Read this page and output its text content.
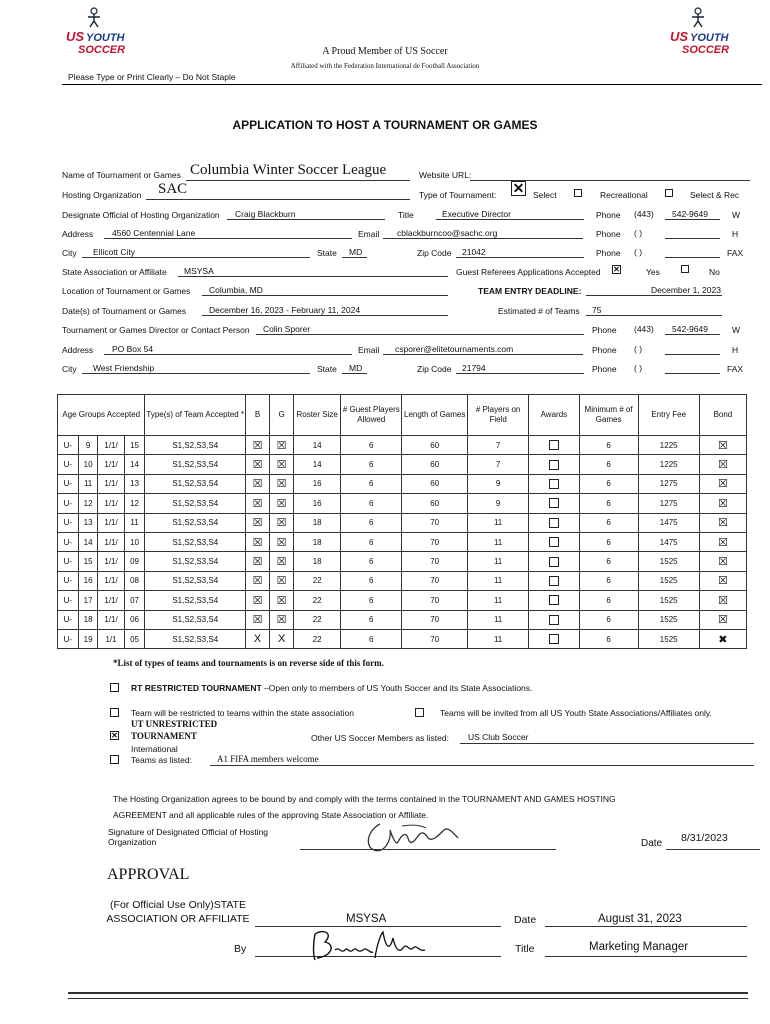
US YOUTH
SOCCER
US YOUTH
SOCCER
A Proud Member of US Soccer
Affiliated with the Federation International de Football Association
Please Type or Print Clearly – Do Not Staple
APPLICATION TO HOST A TOURNAMENT OR GAMES
Name of Tournament or Games Columbia Winter Soccer League	Website URL:
Hosting Organization SAC	Type of Tournament: ✕ Select	Recreational	Select & Rec
Designate Official of Hosting Organization Craig Blackburn	Title	Executive Director	Phone (443) 542-9649	W
Address 4560 Centennial Lane	Email cblackburncoo@sachc.org	Phone ( )	H
City Ellicott City	State MD	Zip Code 21042	Phone ( )	FAX
State Association or Affiliate MSYSA	Guest Referees Applications Accepted ✕	Yes	No
Location of Tournament or Games Columbia, MD	TEAM ENTRY DEADLINE:	December 1, 2023
Date(s) of Tournament or Games	December 16, 2023 - February 11, 2024	Estimated # of Teams 75
Tournament or Games Director or Contact Person Colin Sporer	Phone (443) 542-9649	W
Address PO Box 54	Email csporer@elitetournaments.com	Phone ( )	H
City West Friendship	State MD	Zip Code 21794	Phone ( )	FAX
Age Groups Accepted				Type(s) of Team Accepted *	B	G	Roster Size	# Guest Players Allowed	Length of Games	# Players on Field	Awards	Minimum # of Games	Entry Fee	Bond
U-	9	1/1/	15	S1,S2,S3,S4	☒	☒	14	6	60	7		6	1225	☒
U-	10	1/1/	14	S1,S2,S3,S4	☒	☒	14	6	60	7		6	1225	☒
U-	11	1/1/	13	S1,S2,S3,S4	☒	☒	16	6	60	9		6	1275	☒
U-	12	1/1/	12	S1,S2,S3,S4	☒	☒	16	6	60	9		6	1275	☒
U-	13	1/1/	11	S1,S2,S3,S4	☒	☒	18	6	70	11		6	1475	☒
U-	14	1/1/	10	S1,S2,S3,S4	☒	☒	18	6	70	11		6	1475	☒
U-	15	1/1/	09	S1,S2,S3,S4	☒	☒	18	6	70	11		6	1525	☒
U-	16	1/1/	08	S1,S2,S3,S4	☒	☒	22	6	70	11		6	1525	☒
U-	17	1/1/	07	S1,S2,S3,S4	☒	☒	22	6	70	11		6	1525	☒
U-	18	1/1/	06	S1,S2,S3,S4	☒	☒	22	6	70	11		6	1525	☒
U-	19	1/1	05	S1,S2,S3,S4	X	X	22	6	70	11		6	1525	✖
*List of types of teams and tournaments is on reverse side of this form.
RT RESTRICTED TOURNAMENT –Open only to members of US Youth Soccer and its State Associations.
Team will be restricted to teams within the state association	Teams will be invited from all US Youth State Associations/Affiliates only.
UT UNRESTRICTED
✕ TOURNAMENT	Other US Soccer Members as listed: US Club Soccer
International
Teams as listed:	A1 FIFA members welcome
The Hosting Organization agrees to be bound by and comply with the terms contained in the TOURNAMENT AND GAMES HOSTING
AGREEMENT and all applicable rules of the approving State Association or Affiliate.
Signature of Designated Official of Hosting Organization	Date 8/31/2023
APPROVAL
(For Official Use Only)STATE ASSOCIATION OR AFFILIATE	MSYSA	Date	August 31, 2023
By	Title	Marketing Manager
